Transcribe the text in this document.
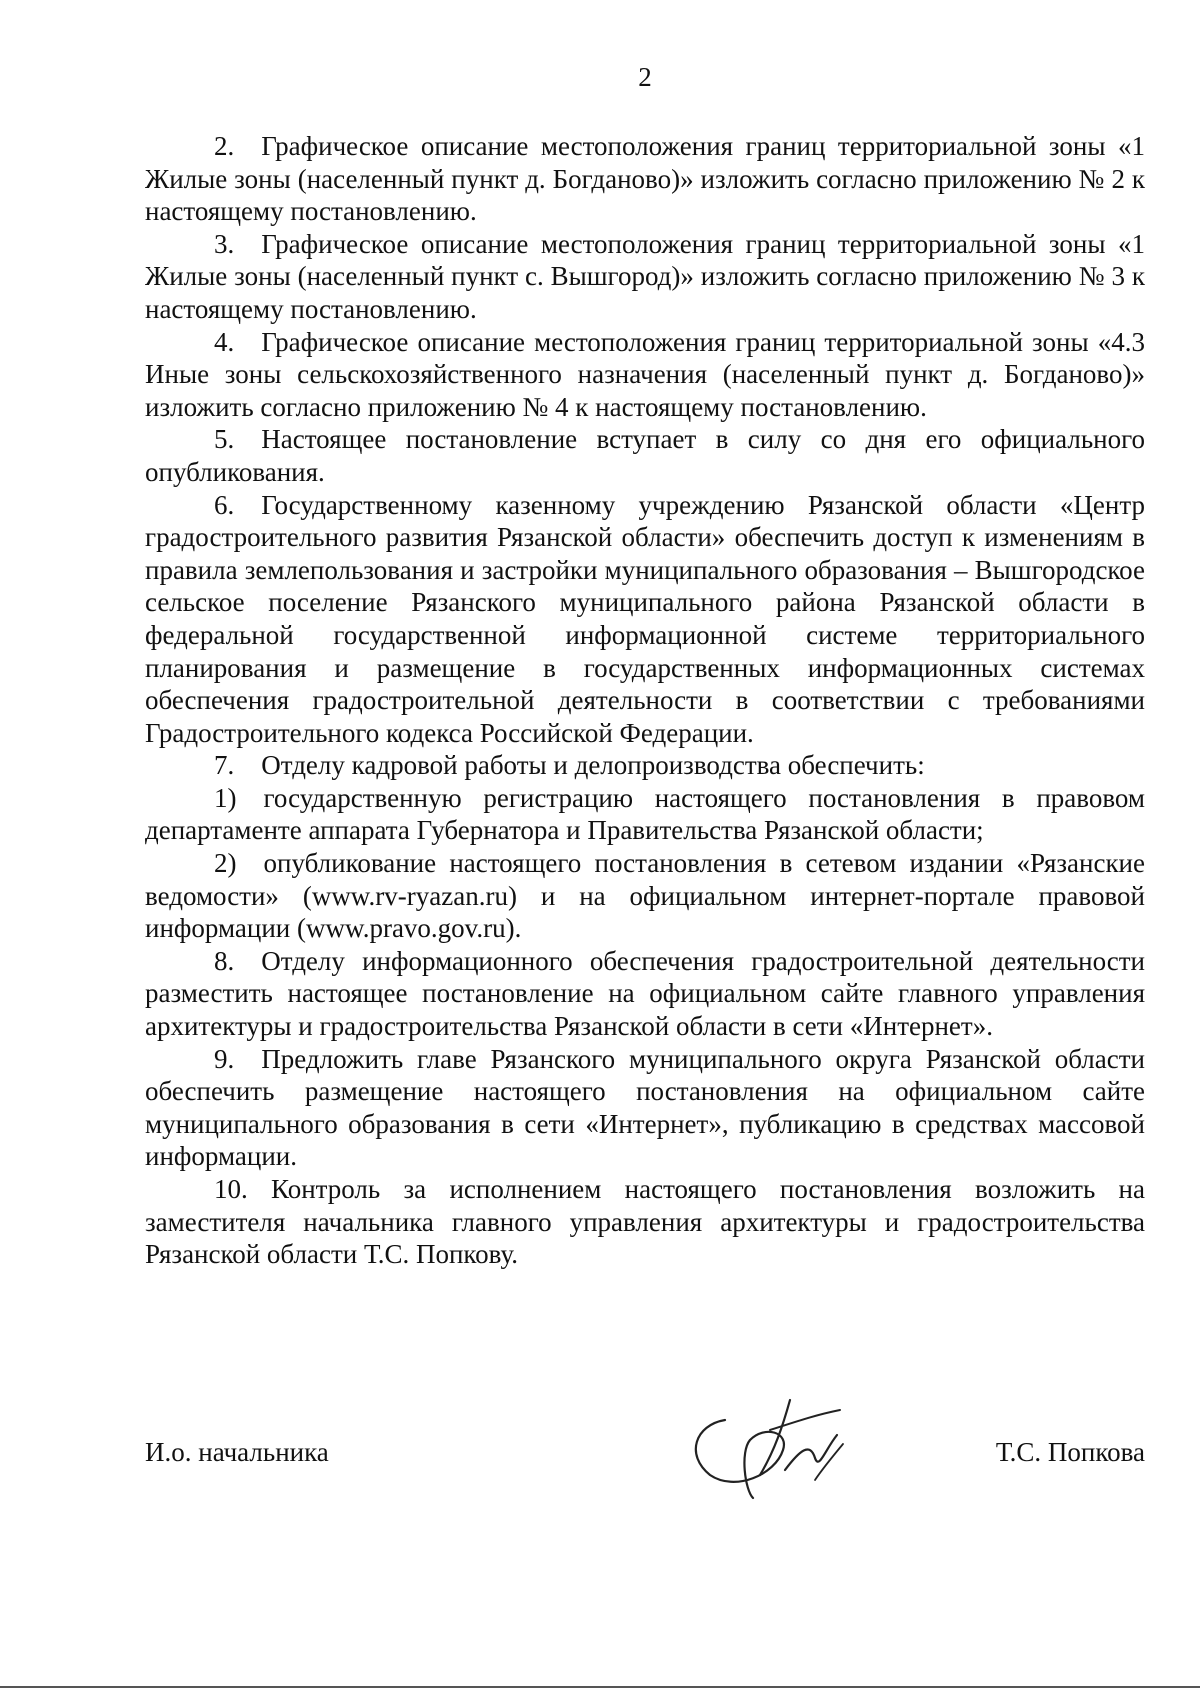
2

2. Графическое описание местоположения границ территориальной зоны «1 Жилые зоны (населенный пункт д. Богданово)» изложить согласно приложению № 2 к настоящему постановлению.

3. Графическое описание местоположения границ территориальной зоны «1 Жилые зоны (населенный пункт с. Вышгород)» изложить согласно приложению № 3 к настоящему постановлению.

4. Графическое описание местоположения границ территориальной зоны «4.3 Иные зоны сельскохозяйственного назначения (населенный пункт д. Богданово)» изложить согласно приложению № 4 к настоящему постановлению.

5. Настоящее постановление вступает в силу со дня его официального опубликования.

6. Государственному казенному учреждению Рязанской области «Центр градостроительного развития Рязанской области» обеспечить доступ к изменениям в правила землепользования и застройки муниципального образования – Вышгородское сельское поселение Рязанского муниципального района Рязанской области в федеральной государственной информационной системе территориального планирования и размещение в государственных информационных системах обеспечения градостроительной деятельности в соответствии с требованиями Градостроительного кодекса Российской Федерации.

7. Отделу кадровой работы и делопроизводства обеспечить:

1) государственную регистрацию настоящего постановления в правовом департаменте аппарата Губернатора и Правительства Рязанской области;

2) опубликование настоящего постановления в сетевом издании «Рязанские ведомости» (www.rv-ryazan.ru) и на официальном интернет-портале правовой информации (www.pravo.gov.ru).

8. Отделу информационного обеспечения градостроительной деятельности разместить настоящее постановление на официальном сайте главного управления архитектуры и градостроительства Рязанской области в сети «Интернет».

9. Предложить главе Рязанского муниципального округа Рязанской области обеспечить размещение настоящего постановления на официальном сайте муниципального образования в сети «Интернет», публикацию в средствах массовой информации.

10. Контроль за исполнением настоящего постановления возложить на заместителя начальника главного управления архитектуры и градостроительства Рязанской области Т.С. Попкову.

И.о. начальника	Т.С. Попкова
